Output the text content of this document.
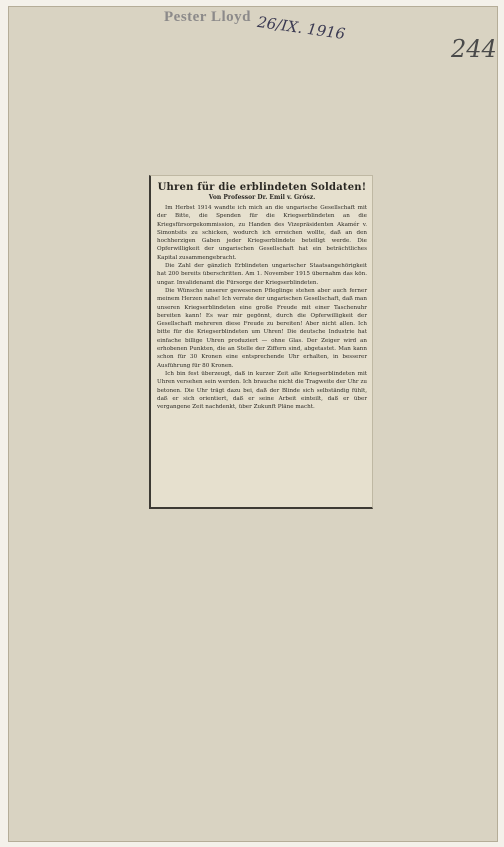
Pester Lloyd 26/IX. 1916
244
Uhren für die erblindeten Soldaten!
Von Professor Dr. Emil v. Grósz.

Im Herbst 1914 wandte ich mich an die ungarische Gesellschaft mit der Bitte, die Spenden für die Kriegserblindeten an die Kriegsfürsorgekommission, zu Handen des Vizepräsidenten Akamér v. Simontsits zu schicken, wodurch ich erreichen wollte, daß an den hochherzigen Gaben jeder Kriegserblindete beteiligt werde. Die Opferwilligkeit der ungarischen Gesellschaft hat ein beträchtliches Kapital zusammengebracht.

Die Zahl der gänzlich Erblindeten ungarischer Staatsangehörigkeit hat 200 bereits überschritten. Am 1. November 1915 übernahm das kön. ungar. Invalidenamt die Fürsorge der Kriegserblindeten.

Die Wünsche unserer gewesenen Pfleglinge stehen aber auch ferner meinem Herzen nahe! Ich verrate der ungarischen Gesellschaft, daß man unseren Kriegserblindeten eine große Freude mit einer Taschenuhr bereiten kann! Es war mir gegönnt, durch die Opferwilligkeit der Gesellschaft mehreren diese Freude zu bereiten! Aber nicht allen. Ich bitte für die Kriegserblindeten um Uhren! Die deutsche Industrie hat einfache billige Uhren produziert — ohne Glas. Der Zeiger wird an erhobenen Punkten, die an Stelle der Ziffern sind, abgetastet. Man kann schon für 30 Kronen eine entsprechende Uhr erhalten, in besserer Ausführung für 80 Kronen.

Ich bin fest überzeugt, daß in kurzer Zeit alle Kriegserblindeten mit Uhren versehen sein werden. Ich brauche nicht die Tragweite der Uhr zu betonen. Die Uhr trägt dazu bei, daß der Blinde sich selbständig fühlt, daß er sich orientiert, daß er seine Arbeit einteilt, daß er über vergangene Zeit nachdenkt, über Zukunft Pläne macht.
